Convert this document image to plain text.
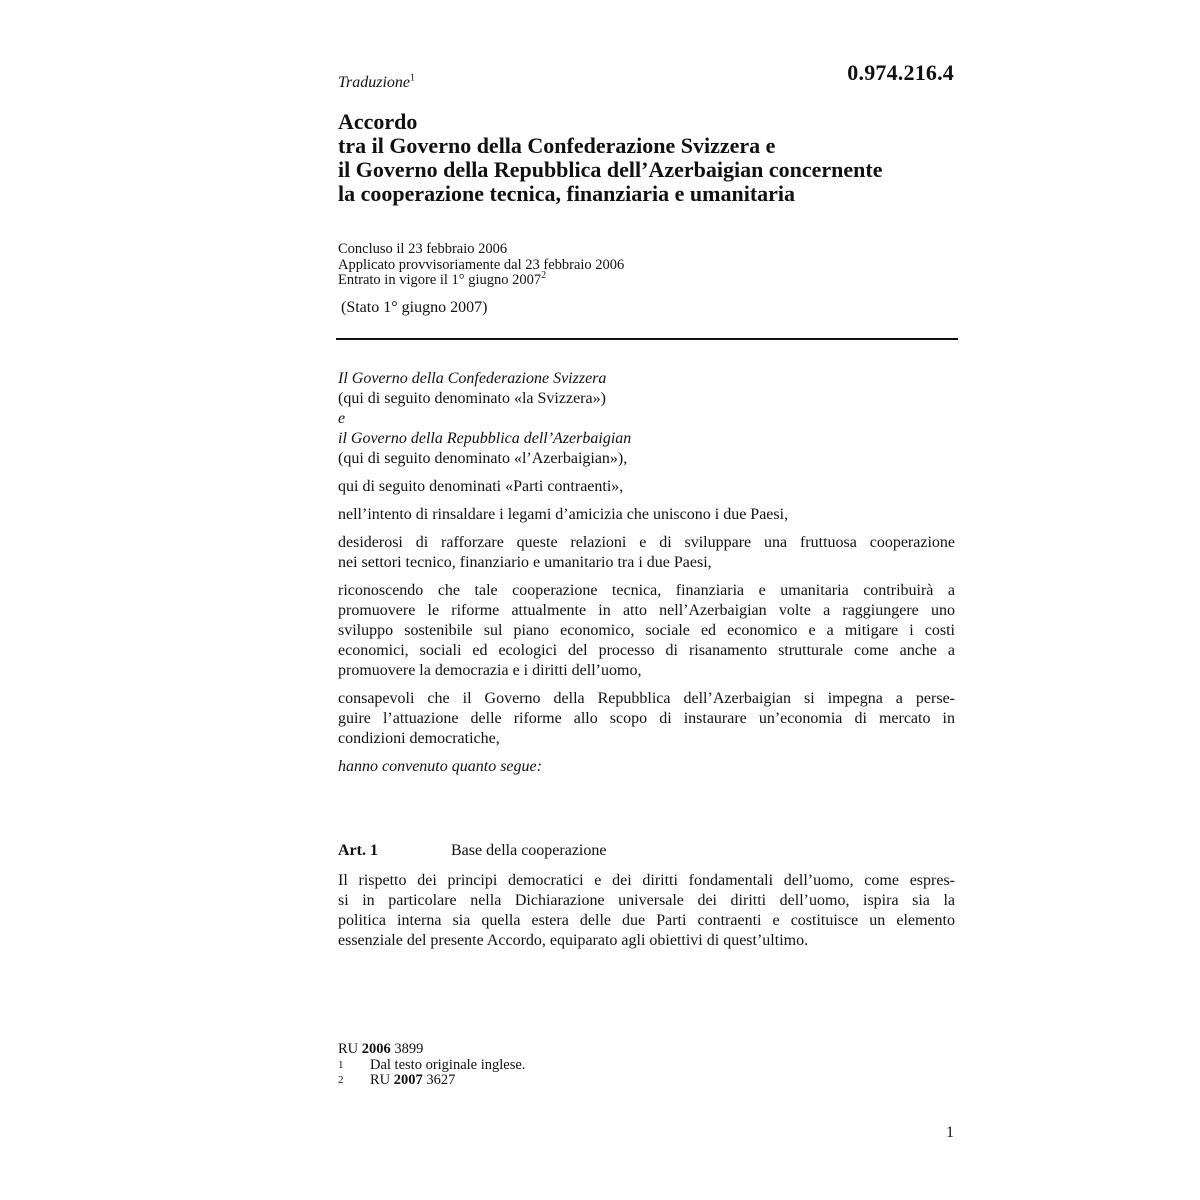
0.974.216.4
Traduzione$^1$
Accordo
tra il Governo della Confederazione Svizzera e
il Governo della Repubblica dell’Azerbaigian concernente
la cooperazione tecnica, finanziaria e umanitaria
Concluso il 23 febbraio 2006
Applicato provvisoriamente dal 23 febbraio 2006
Entrato in vigore il 1° giugno 2007$^2$
(Stato 1° giugno 2007)
Il Governo della Confederazione Svizzera
(qui di seguito denominato «la Svizzera»)
e
il Governo della Repubblica dell’Azerbaigian
(qui di seguito denominato «l’Azerbaigian»),
qui di seguito denominati «Parti contraenti»,
nell’intento di rinsaldare i legami d’amicizia che uniscono i due Paesi,
desiderosi di rafforzare queste relazioni e di sviluppare una fruttuosa cooperazione
nei settori tecnico, finanziario e umanitario tra i due Paesi,
riconoscendo che tale cooperazione tecnica, finanziaria e umanitaria contribuirà a
promuovere le riforme attualmente in atto nell’Azerbaigian volte a raggiungere uno
sviluppo sostenibile sul piano economico, sociale ed economico e a mitigare i costi
economici, sociali ed ecologici del processo di risanamento strutturale come anche a
promuovere la democrazia e i diritti dell’uomo,
consapevoli che il Governo della Repubblica dell’Azerbaigian si impegna a perse-
guire l’attuazione delle riforme allo scopo di instaurare un’economia di mercato in
condizioni democratiche,
hanno convenuto quanto segue:
Art. 1	Base della cooperazione
Il rispetto dei principi democratici e dei diritti fondamentali dell’uomo, come espres-
si in particolare nella Dichiarazione universale dei diritti dell’uomo, ispira sia la
politica interna sia quella estera delle due Parti contraenti e costituisce un elemento
essenziale del presente Accordo, equiparato agli obiettivi di quest’ultimo.
RU 2006 3899
1 Dal testo originale inglese.
2 RU 2007 3627
1
